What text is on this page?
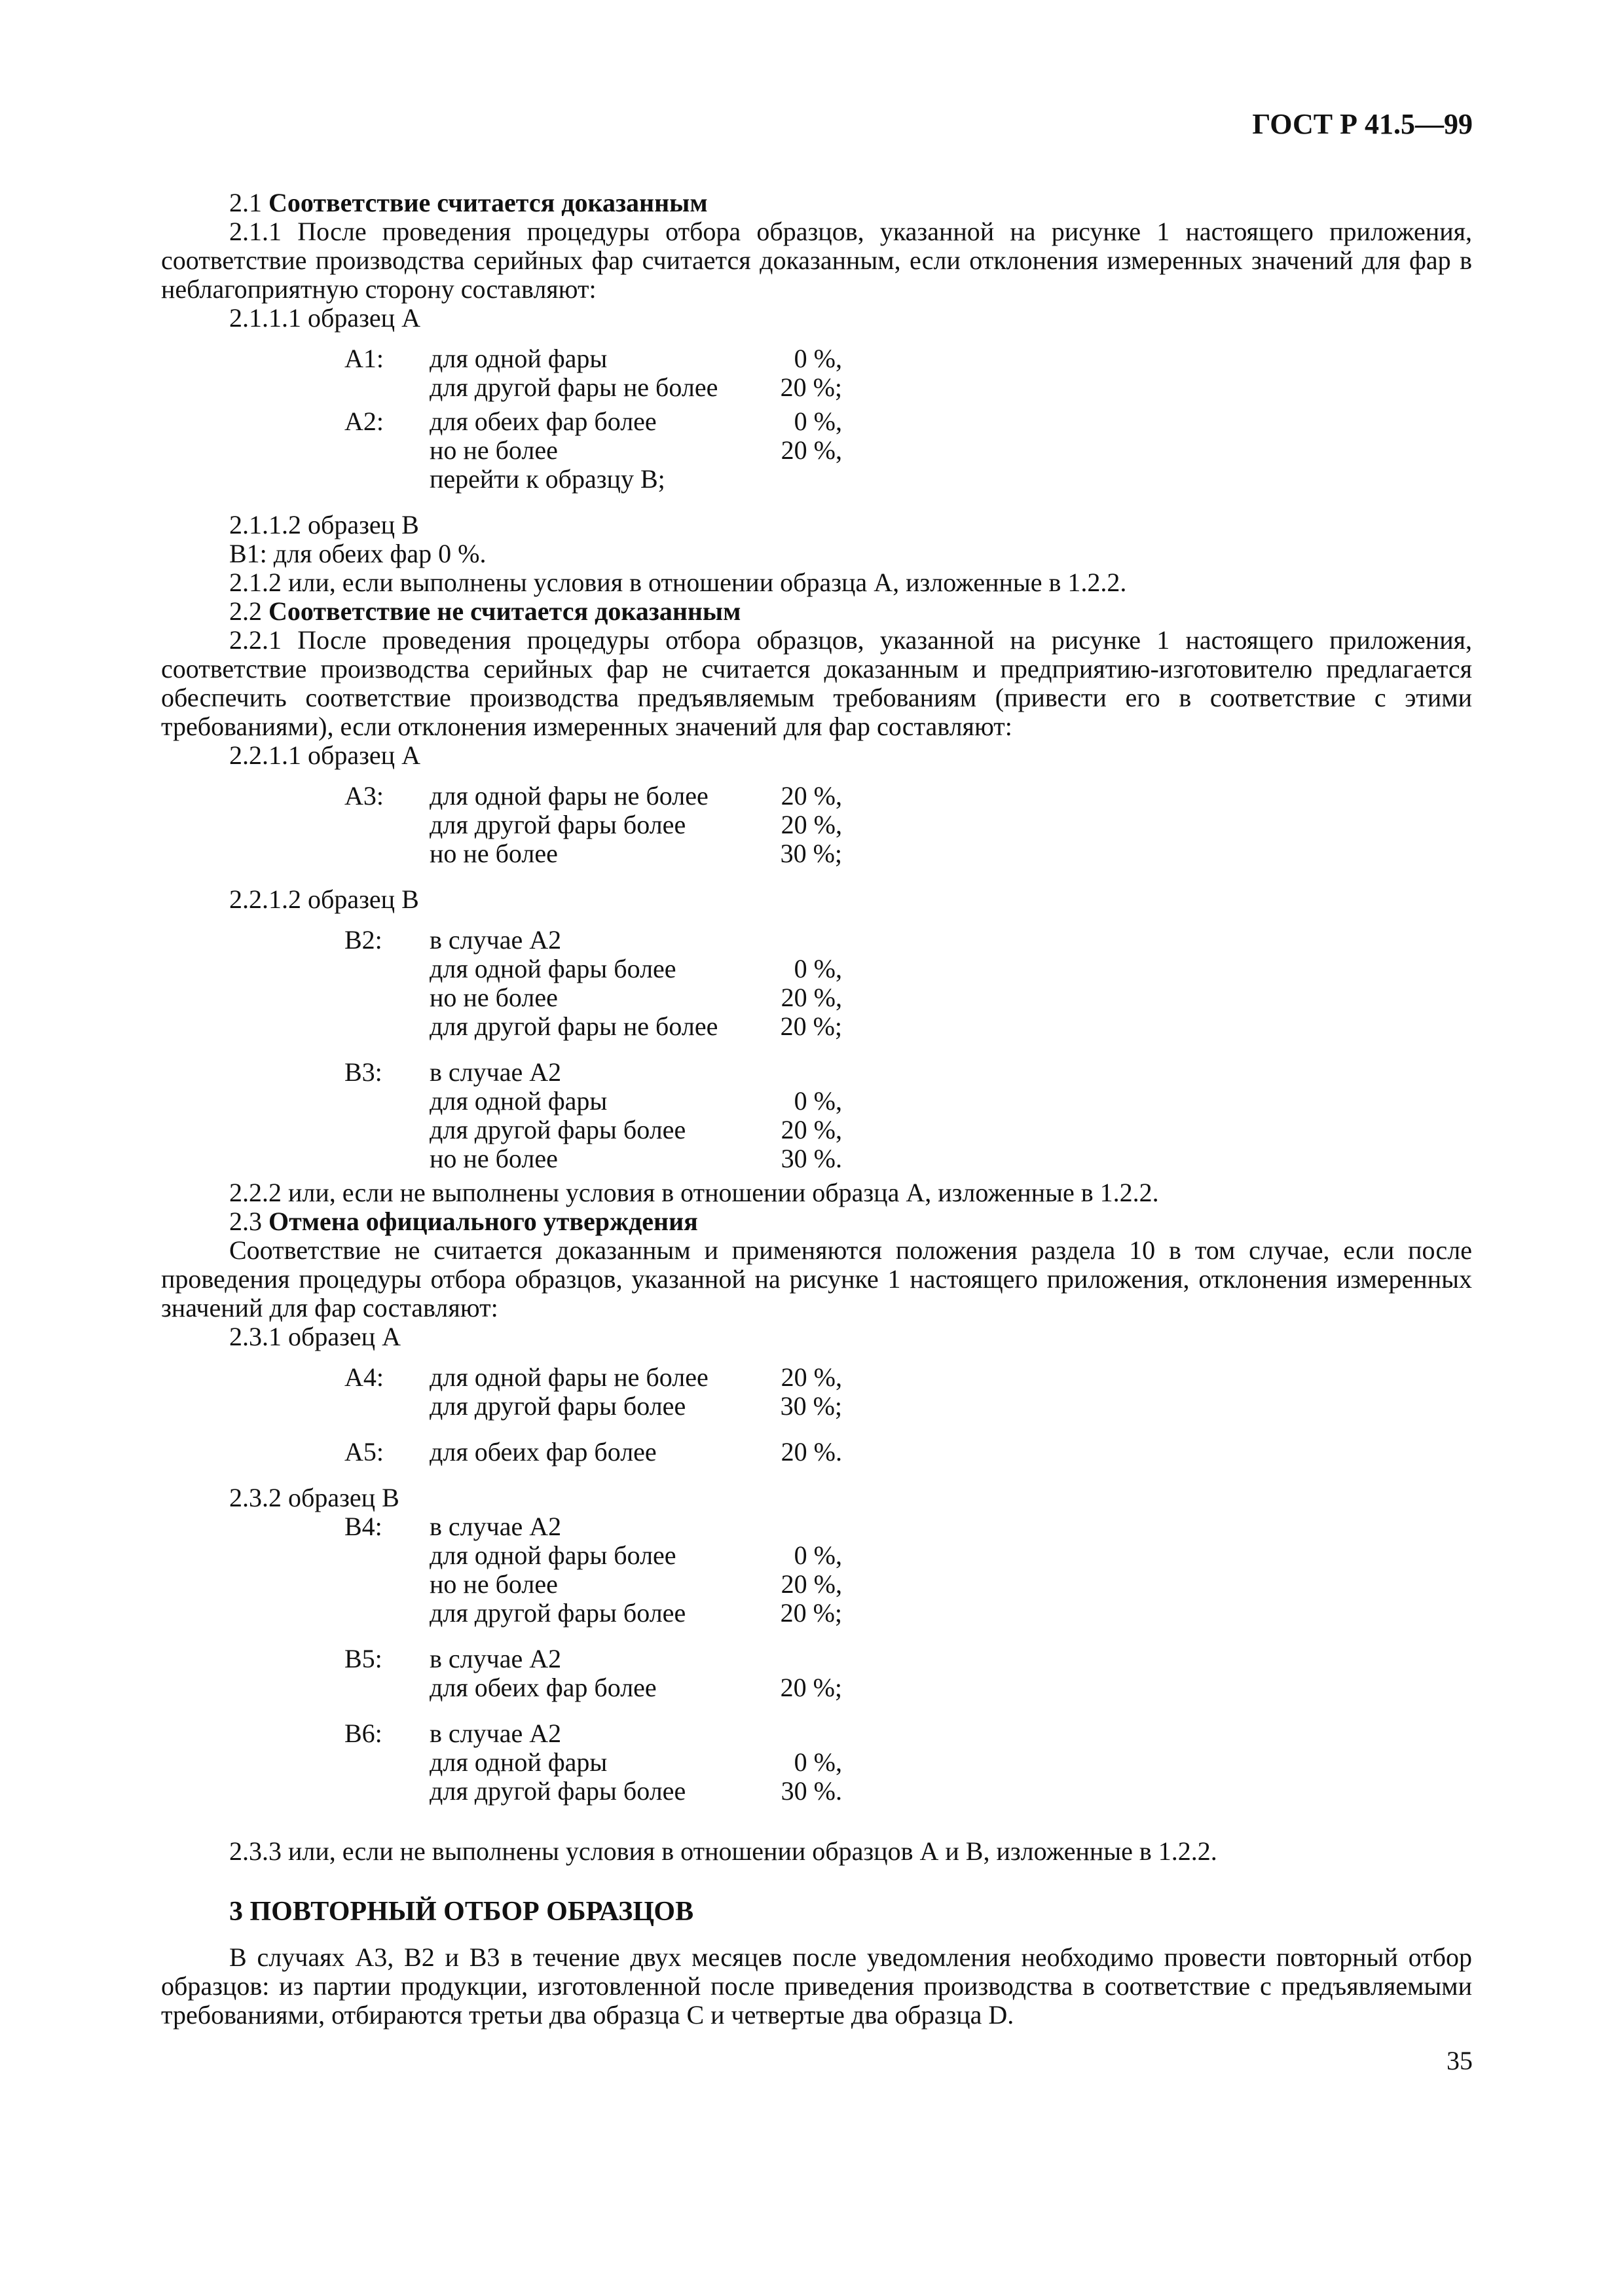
ГОСТ Р 41.5—99

2.1 Соответствие считается доказанным

2.1.1 После проведения процедуры отбора образцов, указанной на рисунке 1 настоящего приложения, соответствие производства серийных фар считается доказанным, если отклонения измеренных значений для фар в неблагоприятную сторону составляют:

2.1.1.1 образец А

А1:	для одной фары	0 %,
для другой фары не более	20 %;
А2:	для обеих фар более	0 %,
но не более	20 %,
перейти к образцу В;

2.1.1.2 образец В

В1: для обеих фар 0 %.

2.1.2 или, если выполнены условия в отношении образца А, изложенные в 1.2.2.

2.2 Соответствие не считается доказанным

2.2.1 После проведения процедуры отбора образцов, указанной на рисунке 1 настоящего приложения, соответствие производства серийных фар не считается доказанным и предприятию-изготовителю предлагается обеспечить соответствие производства предъявляемым требованиям (привести его в соответствие с этими требованиями), если отклонения измеренных значений для фар составляют:

2.2.1.1 образец А

А3:	для одной фары не более	20 %,
для другой фары более	20 %,
но не более	30 %;

2.2.1.2 образец В

В2:	в случае А2
для одной фары более	0 %,
но не более	20 %,
для другой фары не более	20 %;
В3:	в случае А2
для одной фары	0 %,
для другой фары более	20 %,
но не более	30 %.

2.2.2 или, если не выполнены условия в отношении образца А, изложенные в 1.2.2.

2.3 Отмена официального утверждения

Соответствие не считается доказанным и применяются положения раздела 10 в том случае, если после проведения процедуры отбора образцов, указанной на рисунке 1 настоящего приложения, отклонения измеренных значений для фар составляют:

2.3.1 образец А

А4:	для одной фары не более	20 %,
для другой фары более	30 %;
А5:	для обеих фар более	20 %.

2.3.2 образец В

В4:	в случае А2
для одной фары более	0 %,
но не более	20 %,
для другой фары более	20 %;
В5:	в случае А2
для обеих фар более	20 %;
В6:	в случае А2
для одной фары	0 %,
для другой фары более	30 %.

2.3.3 или, если не выполнены условия в отношении образцов А и В, изложенные в 1.2.2.

3 ПОВТОРНЫЙ ОТБОР ОБРАЗЦОВ

В случаях А3, В2 и В3 в течение двух месяцев после уведомления необходимо провести повторный отбор образцов: из партии продукции, изготовленной после приведения производства в соответствие с предъявляемыми требованиями, отбираются третьи два образца С и четвертые два образца D.

35
